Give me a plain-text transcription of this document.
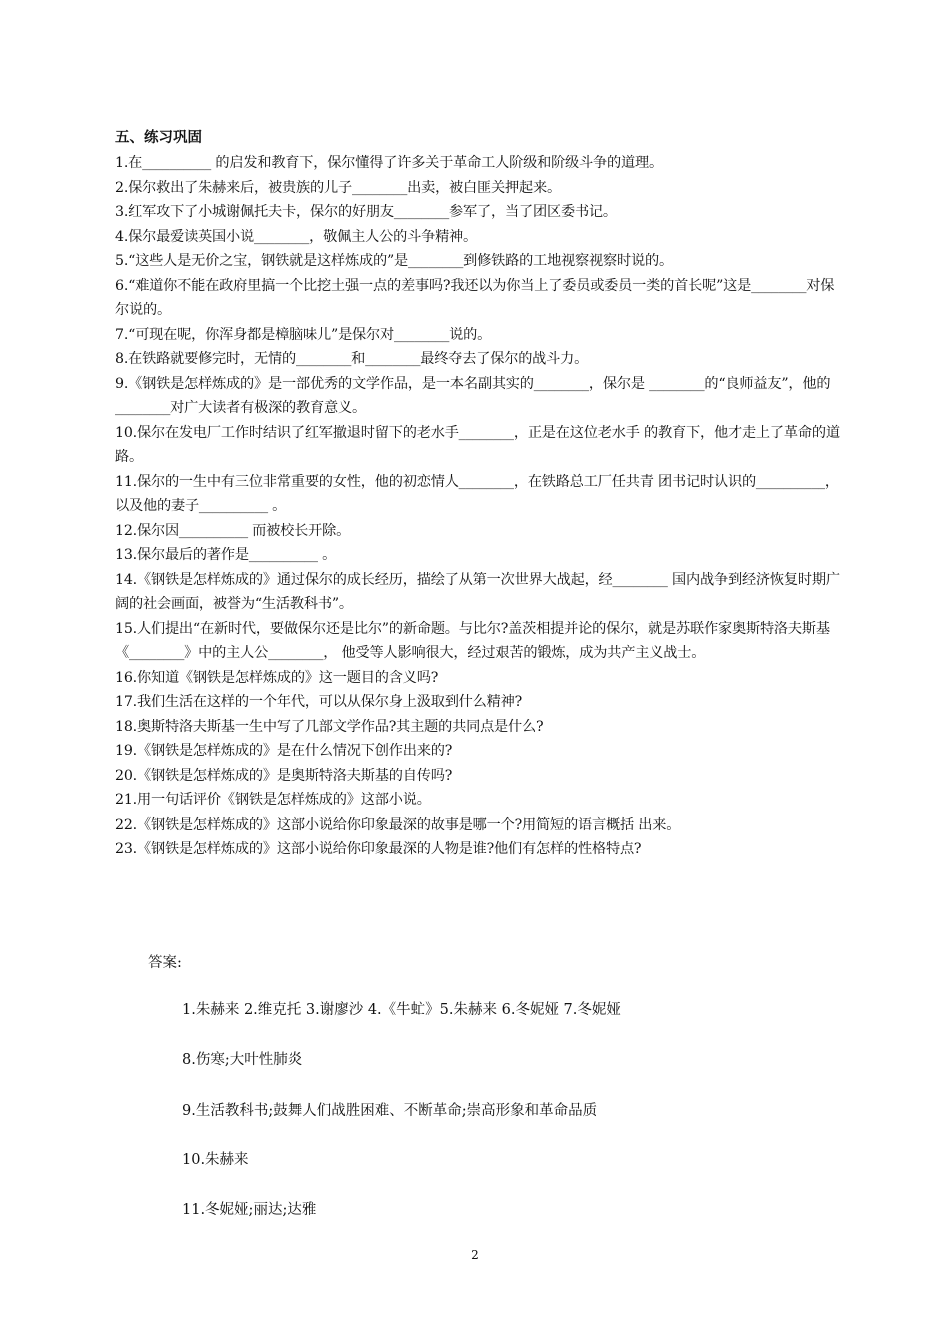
五、练习巩固

1.在__________ 的启发和教育下，保尔懂得了许多关于革命工人阶级和阶级斗争的道理。

2.保尔救出了朱赫来后，被贵族的儿子________出卖，被白匪关押起来。

3.红军攻下了小城谢佩托夫卡，保尔的好朋友________参军了，当了团区委书记。

4.保尔最爱读英国小说________，敬佩主人公的斗争精神。

5.“这些人是无价之宝，钢铁就是这样炼成的”是________到修铁路的工地视察视察时说的。

6.“难道你不能在政府里搞一个比挖土强一点的差事吗?我还以为你当上了委员或委员一类的首长呢”这是________对保尔说的。

7.“可现在呢，你浑身都是樟脑味儿”是保尔对________说的。

8.在铁路就要修完时，无情的________和________最终夺去了保尔的战斗力。

9.《钢铁是怎样炼成的》是一部优秀的文学作品，是一本名副其实的________，保尔是 ________的“良师益友”，他的________对广大读者有极深的教育意义。

10.保尔在发电厂工作时结识了红军撤退时留下的老水手________，正是在这位老水手 的教育下，他才走上了革命的道路。

11.保尔的一生中有三位非常重要的女性，他的初恋情人________，在铁路总工厂任共青 团书记时认识的__________，以及他的妻子__________ 。

12.保尔因__________ 而被校长开除。

13.保尔最后的著作是__________ 。

14.《钢铁是怎样炼成的》通过保尔的成长经历，描绘了从第一次世界大战起，经________ 国内战争到经济恢复时期广阔的社会画面，被誉为“生活教科书”。

15.人们提出“在新时代，要做保尔还是比尔”的新命题。与比尔?盖茨相提并论的保尔，就是苏联作家奥斯特洛夫斯基《________》中的主人公________， 他受等人影响很大，经过艰苦的锻炼，成为共产主义战士。

16.你知道《钢铁是怎样炼成的》这一题目的含义吗?

17.我们生活在这样的一个年代，可以从保尔身上汲取到什么精神?

18.奥斯特洛夫斯基一生中写了几部文学作品?其主题的共同点是什么?

19.《钢铁是怎样炼成的》是在什么情况下创作出来的?

20.《钢铁是怎样炼成的》是奥斯特洛夫斯基的自传吗?

21.用一句话评价《钢铁是怎样炼成的》这部小说。

22.《钢铁是怎样炼成的》这部小说给你印象最深的故事是哪一个?用简短的语言概括 出来。

23.《钢铁是怎样炼成的》这部小说给你印象最深的人物是谁?他们有怎样的性格特点?

答案:
1.朱赫来 2.维克托 3.谢廖沙 4.《牛虻》5.朱赫来 6.冬妮娅 7.冬妮娅
8.伤寒;大叶性肺炎
9.生活教科书;鼓舞人们战胜困难、不断革命;崇高形象和革命品质
10.朱赫来
11.冬妮娅;丽达;达雅
2
